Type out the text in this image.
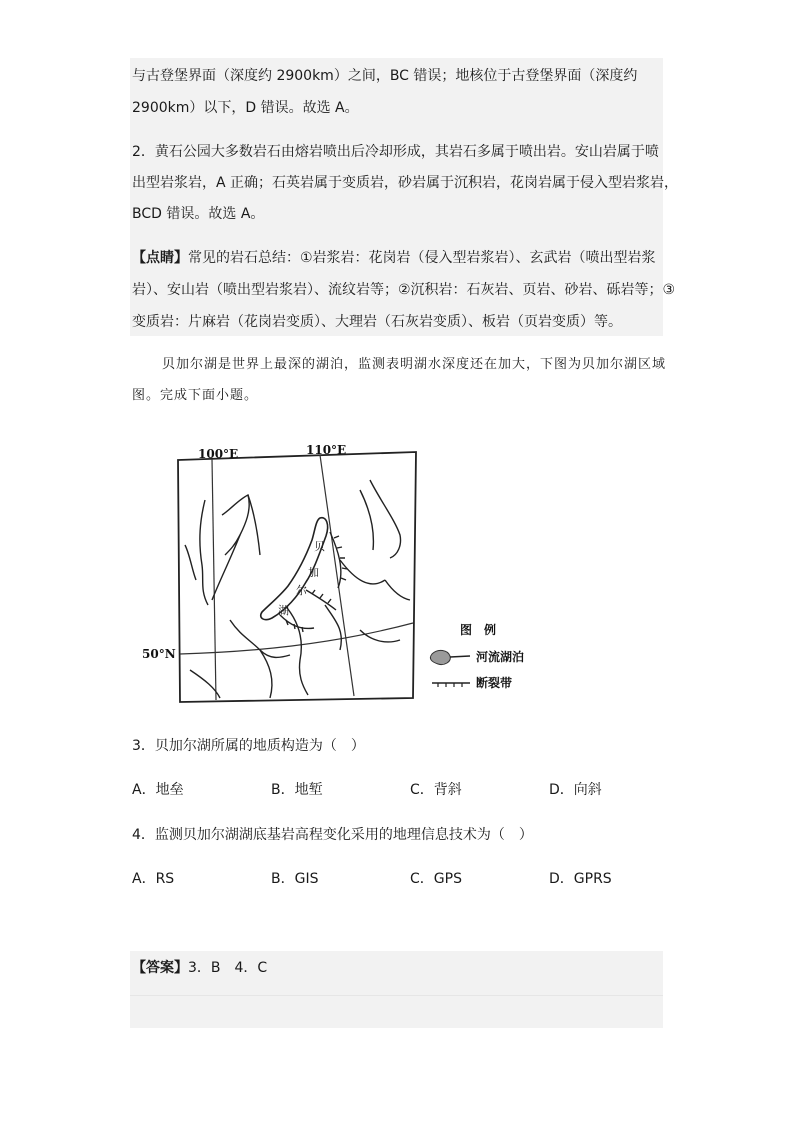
与古登堡界面（深度约 2900km）之间，BC 错误；地核位于古登堡界面（深度约
2900km）以下，D 错误。故选 A。
2．黄石公园大多数岩石由熔岩喷出后冷却形成，其岩石多属于喷出岩。安山岩属于喷
出型岩浆岩，A 正确；石英岩属于变质岩，砂岩属于沉积岩，花岗岩属于侵入型岩浆岩，
BCD 错误。故选 A。
【点睛】常见的岩石总结：①岩浆岩：花岗岩（侵入型岩浆岩）、玄武岩（喷出型岩浆
岩）、安山岩（喷出型岩浆岩）、流纹岩等；②沉积岩：石灰岩、页岩、砂岩、砾岩等；③
变质岩：片麻岩（花岗岩变质）、大理岩（石灰岩变质）、板岩（页岩变质）等。
贝加尔湖是世界上最深的湖泊，监测表明湖水深度还在加大，下图为贝加尔湖区域
图。完成下面小题。
贝
加
尔
湖
100°E	110°E
50°N
图　例
河流湖泊
断裂带
3．贝加尔湖所属的地质构造为（　）
A．地垒	B．地堑	C．背斜	D．向斜
4．监测贝加尔湖湖底基岩高程变化采用的地理信息技术为（　）
A．RS	B．GIS	C．GPS	D．GPRS
【答案】3．B　4．C
